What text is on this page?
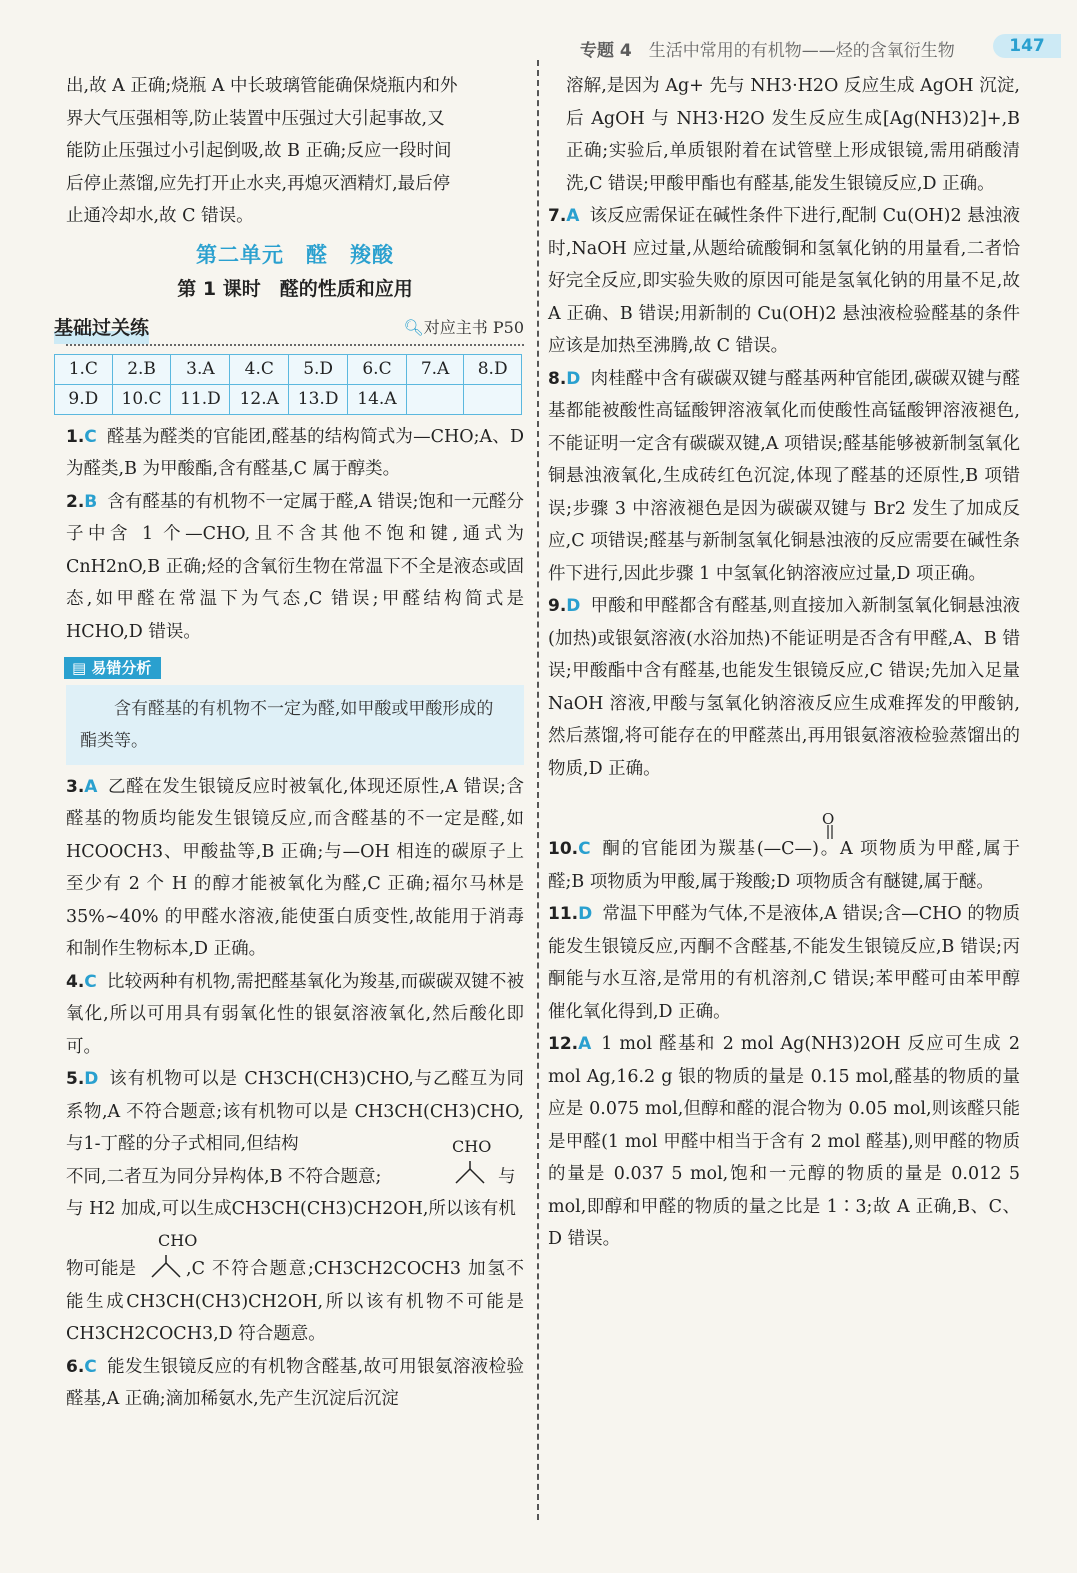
专题 4　 生活中常用的有机物——烃的含氧衍生物	147

出,故 A 正确;烧瓶 A 中长玻璃管能确保烧瓶内和外

界大气压强相等,防止装置中压强过大引起事故,又

能防止压强过小引起倒吸,故 B 正确;反应一段时间

后停止蒸馏,应先打开止水夹,再熄灭酒精灯,最后停

止通冷却水,故 C 错误。

第二单元　醛　羧酸
第 1 课时　醛的性质和应用
基础过关练	🔍︎对应主书 P50
1.C	2.B	3.A	4.C	5.D	6.C	7.A	8.D
9.D	10.C	11.D	12.A	13.D	14.A		

1.C 醛基为醛类的官能团,醛基的结构简式为—CHO;A、D 为醛类,B 为甲酸酯,含有醛基,C 属于醇类。

2.B 含有醛基的有机物不一定属于醛,A 错误;饱和一元醛分子中含 1 个—CHO,且不含其他不饱和键,通式为 CnH2nO,B 正确;烃的含氧衍生物在常温下不全是液态或固态,如甲醛在常温下为气态,C 错误;甲醛结构简式是 HCHO,D 错误。

▤ 易错分析
含有醛基的有机物不一定为醛,如甲酸或甲酸形成的酯类等。

3.A 乙醛在发生银镜反应时被氧化,体现还原性,A 错误;含醛基的物质均能发生银镜反应,而含醛基的不一定是醛,如 HCOOCH3、甲酸盐等,B 正确;与—OH 相连的碳原子上至少有 2 个 H 的醇才能被氧化为醛,C 正确;福尔马林是 35%~40% 的甲醛水溶液,能使蛋白质变性,故能用于消毒和制作生物标本,D 正确。

4.C 比较两种有机物,需把醛基氧化为羧基,而碳碳双键不被氧化,所以可用具有弱氧化性的银氨溶液氧化,然后酸化即可。

5.D 该有机物可以是 CH3CH(CH3)CHO,与乙醛互为同系物,A 不符合题意;该有机物可以是 CH3CH(CH3)CHO,与1-丁醛的分子式相同,但结构

不同,二者互为同分异构体,B 不符合题意;
CHO
与

与 H2 加成,可以生成CH3CH(CH3)CH2OH,所以该有机

CHO
物可能是	,C 不符合题意;CH3CH2COCH3 加氢不能生成CH3CH(CH3)CH2OH,所以该有机物不可能是 CH3CH2COCH3,D 符合题意。

6.C 能发生银镜反应的有机物含醛基,故可用银氨溶液检验醛基,A 正确;滴加稀氨水,先产生沉淀后沉淀

溶解,是因为 Ag+ 先与 NH3·H2O 反应生成 AgOH 沉淀,后 AgOH 与 NH3·H2O 发生反应生成[Ag(NH3)2]+,B 正确;实验后,单质银附着在试管壁上形成银镜,需用硝酸清洗,C 错误;甲酸甲酯也有醛基,能发生银镜反应,D 正确。

7.A 该反应需保证在碱性条件下进行,配制 Cu(OH)2 悬浊液时,NaOH 应过量,从题给硫酸铜和氢氧化钠的用量看,二者恰好完全反应,即实验失败的原因可能是氢氧化钠的用量不足,故 A 正确、B 错误;用新制的 Cu(OH)2 悬浊液检验醛基的条件应该是加热至沸腾,故 C 错误。

8.D 肉桂醛中含有碳碳双键与醛基两种官能团,碳碳双键与醛基都能被酸性高锰酸钾溶液氧化而使酸性高锰酸钾溶液褪色,不能证明一定含有碳碳双键,A 项错误;醛基能够被新制氢氧化铜悬浊液氧化,生成砖红色沉淀,体现了醛基的还原性,B 项错误;步骤 3 中溶液褪色是因为碳碳双键与 Br2 发生了加成反应,C 项错误;醛基与新制氢氧化铜悬浊液的反应需要在碱性条件下进行,因此步骤 1 中氢氧化钠溶液应过量,D 项正确。

9.D 甲酸和甲醛都含有醛基,则直接加入新制氢氧化铜悬浊液(加热)或银氨溶液(水浴加热)不能证明是否含有甲醛,A、B 错误;甲酸酯中含有醛基,也能发生银镜反应,C 错误;先加入足量 NaOH 溶液,甲酸与氢氧化钠溶液反应生成难挥发的甲酸钠,然后蒸馏,将可能存在的甲醛蒸出,再用银氨溶液检验蒸馏出的物质,D 正确。

O

10.C 酮的官能团为羰基(—C—)。A 项物质为甲醛,属于醛;B 项物质为甲酸,属于羧酸;D 项物质含有醚键,属于醚。

11.D 常温下甲醛为气体,不是液体,A 错误;含—CHO 的物质能发生银镜反应,丙酮不含醛基,不能发生银镜反应,B 错误;丙酮能与水互溶,是常用的有机溶剂,C 错误;苯甲醛可由苯甲醇催化氧化得到,D 正确。

12.A 1 mol 醛基和 2 mol Ag(NH3)2OH 反应可生成 2 mol Ag,16.2 g 银的物质的量是 0.15 mol,醛基的物质的量应是 0.075 mol,但醇和醛的混合物为 0.05 mol,则该醛只能是甲醛(1 mol 甲醛中相当于含有 2 mol 醛基),则甲醛的物质的量是 0.037 5 mol,饱和一元醇的物质的量是 0.012 5 mol,即醇和甲醛的物质的量之比是 1∶3;故 A 正确,B、C、D 错误。
